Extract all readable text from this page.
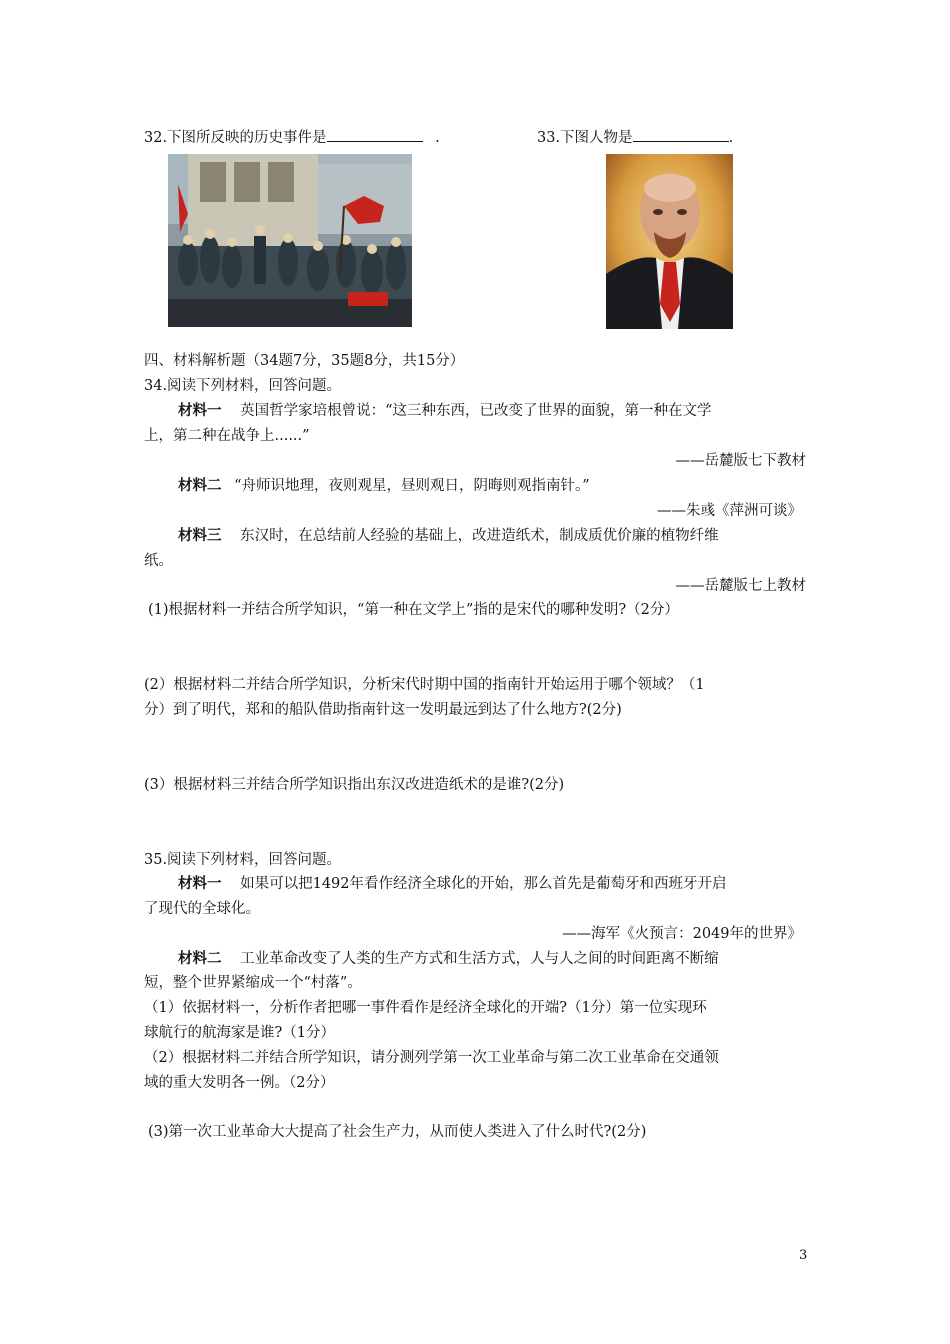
32.下图所反映的历史事件是	.	33.下图人物是	.
四、材料解析题（34题7分，35题8分，共15分）
34.阅读下列材料，回答问题。
材料一 英国哲学家培根曾说：“这三种东西，已改变了世界的面貌，第一种在文学
上，第二种在战争上......”
——岳麓版七下教材
材料二 “舟师识地理，夜则观星，昼则观日，阴晦则观指南针。”
——朱彧《萍洲可谈》
材料三 东汉时，在总结前人经验的基础上，改进造纸术，制成质优价廉的植物纤维
纸。
——岳麓版七上教材
(1)根据材料一并结合所学知识，“第一种在文学上”指的是宋代的哪种发明?（2分）
(2）根据材料二并结合所学知识，分析宋代时期中国的指南针开始运用于哪个领域？（1
分）到了明代，郑和的船队借助指南针这一发明最远到达了什么地方?(2分)
(3）根据材料三并结合所学知识指出东汉改进造纸术的是谁?(2分)
35.阅读下列材料，回答问题。
材料一 如果可以把1492年看作经济全球化的开始，那么首先是葡萄牙和西班牙开启
了现代的全球化。
——海军《火预言：2049年的世界》
材料二 工业革命改变了人类的生产方式和生活方式，人与人之间的时间距离不断缩
短，整个世界紧缩成一个“村落”。
（1）依据材料一，分析作者把哪一事件看作是经济全球化的开端?（1分）第一位实现环
球航行的航海家是谁?（1分）
（2）根据材料二并结合所学知识，请分测列学第一次工业革命与第二次工业革命在交通领
域的重大发明各一例。（2分）
(3)第一次工业革命大大提高了社会生产力，从而使人类进入了什么时代?(2分)
3
